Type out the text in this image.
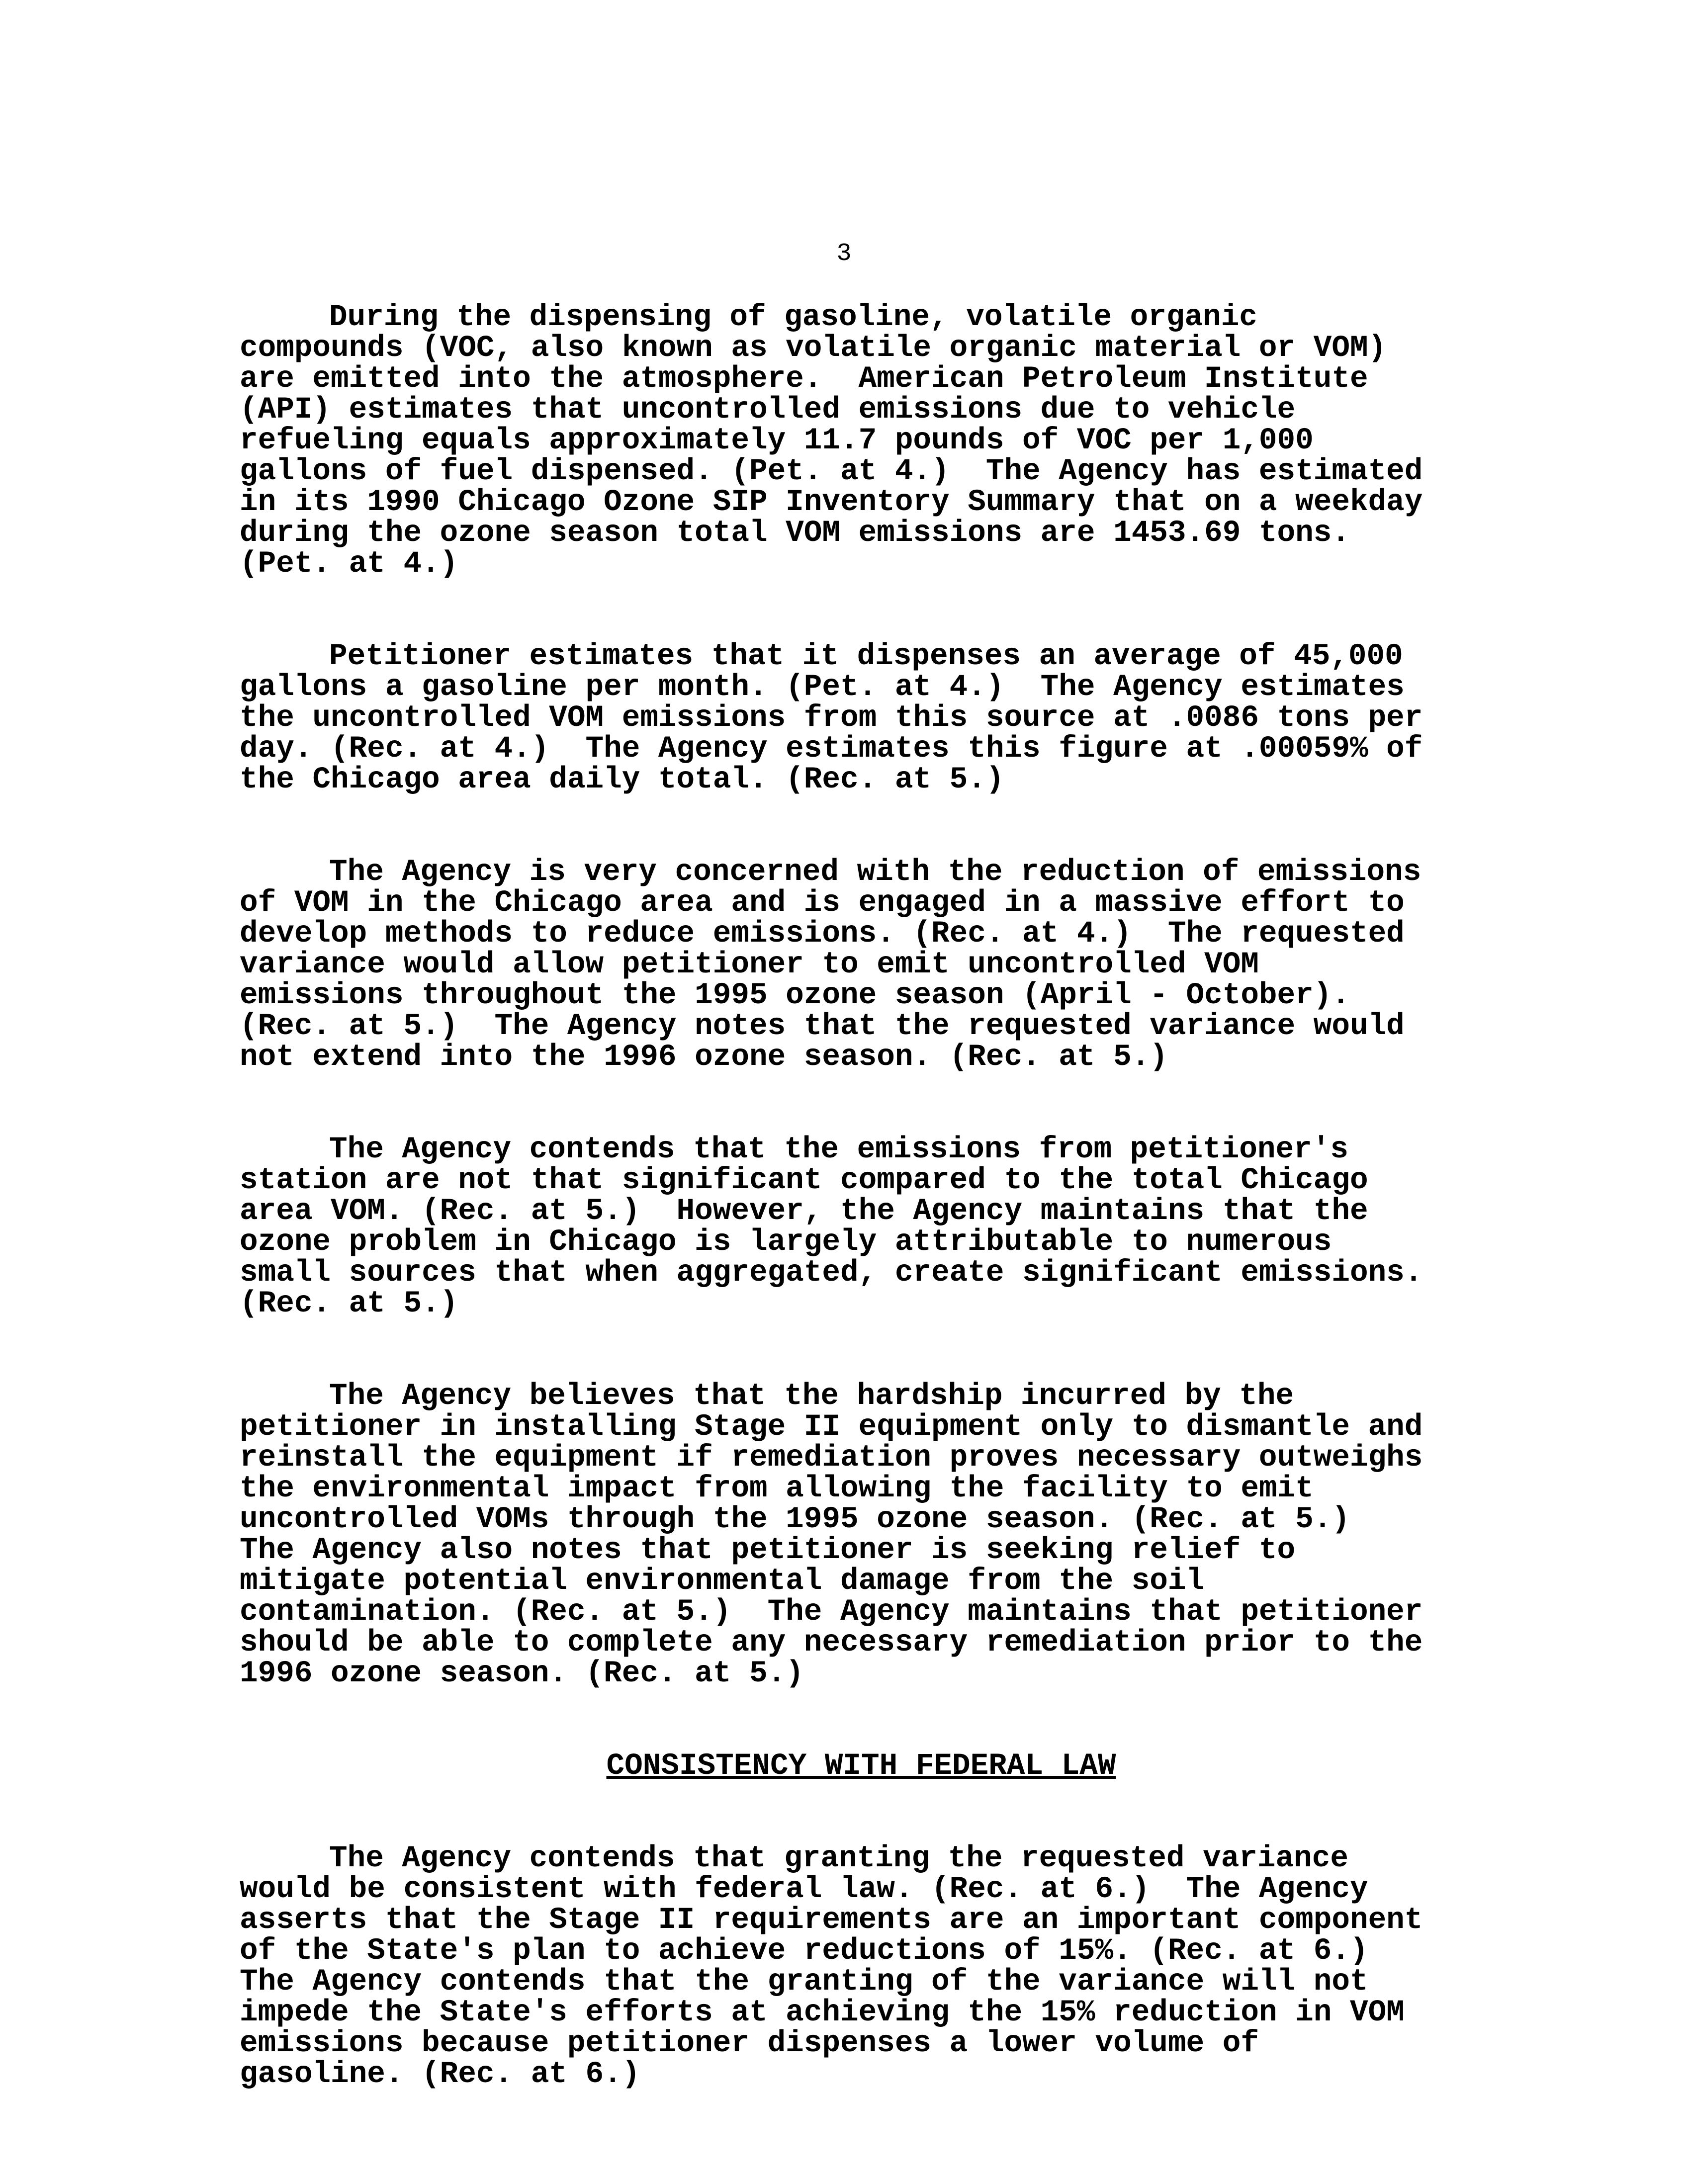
3
During the dispensing of gasoline, volatile organic
compounds (VOC, also known as volatile organic material or VOM)
are emitted into the atmosphere.  American Petroleum Institute
(API) estimates that uncontrolled emissions due to vehicle
refueling equals approximately 11.7 pounds of VOC per 1,000
gallons of fuel dispensed. (Pet. at 4.)  The Agency has estimated
in its 1990 Chicago Ozone SIP Inventory Summary that on a weekday
during the ozone season total VOM emissions are 1453.69 tons.
(Pet. at 4.)
Petitioner estimates that it dispenses an average of 45,000
gallons a gasoline per month. (Pet. at 4.)  The Agency estimates
the uncontrolled VOM emissions from this source at .0086 tons per
day. (Rec. at 4.)  The Agency estimates this figure at .00059% of
the Chicago area daily total. (Rec. at 5.)
The Agency is very concerned with the reduction of emissions
of VOM in the Chicago area and is engaged in a massive effort to
develop methods to reduce emissions. (Rec. at 4.)  The requested
variance would allow petitioner to emit uncontrolled VOM
emissions throughout the 1995 ozone season (April - October).
(Rec. at 5.)  The Agency notes that the requested variance would
not extend into the 1996 ozone season. (Rec. at 5.)
The Agency contends that the emissions from petitioner's
station are not that significant compared to the total Chicago
area VOM. (Rec. at 5.)  However, the Agency maintains that the
ozone problem in Chicago is largely attributable to numerous
small sources that when aggregated, create significant emissions.
(Rec. at 5.)
The Agency believes that the hardship incurred by the
petitioner in installing Stage II equipment only to dismantle and
reinstall the equipment if remediation proves necessary outweighs
the environmental impact from allowing the facility to emit
uncontrolled VOMs through the 1995 ozone season. (Rec. at 5.)
The Agency also notes that petitioner is seeking relief to
mitigate potential environmental damage from the soil
contamination. (Rec. at 5.)  The Agency maintains that petitioner
should be able to complete any necessary remediation prior to the
1996 ozone season. (Rec. at 5.)
CONSISTENCY WITH FEDERAL LAW
The Agency contends that granting the requested variance
would be consistent with federal law. (Rec. at 6.)  The Agency
asserts that the Stage II requirements are an important component
of the State's plan to achieve reductions of 15%. (Rec. at 6.)
The Agency contends that the granting of the variance will not
impede the State's efforts at achieving the 15% reduction in VOM
emissions because petitioner dispenses a lower volume of
gasoline. (Rec. at 6.)
